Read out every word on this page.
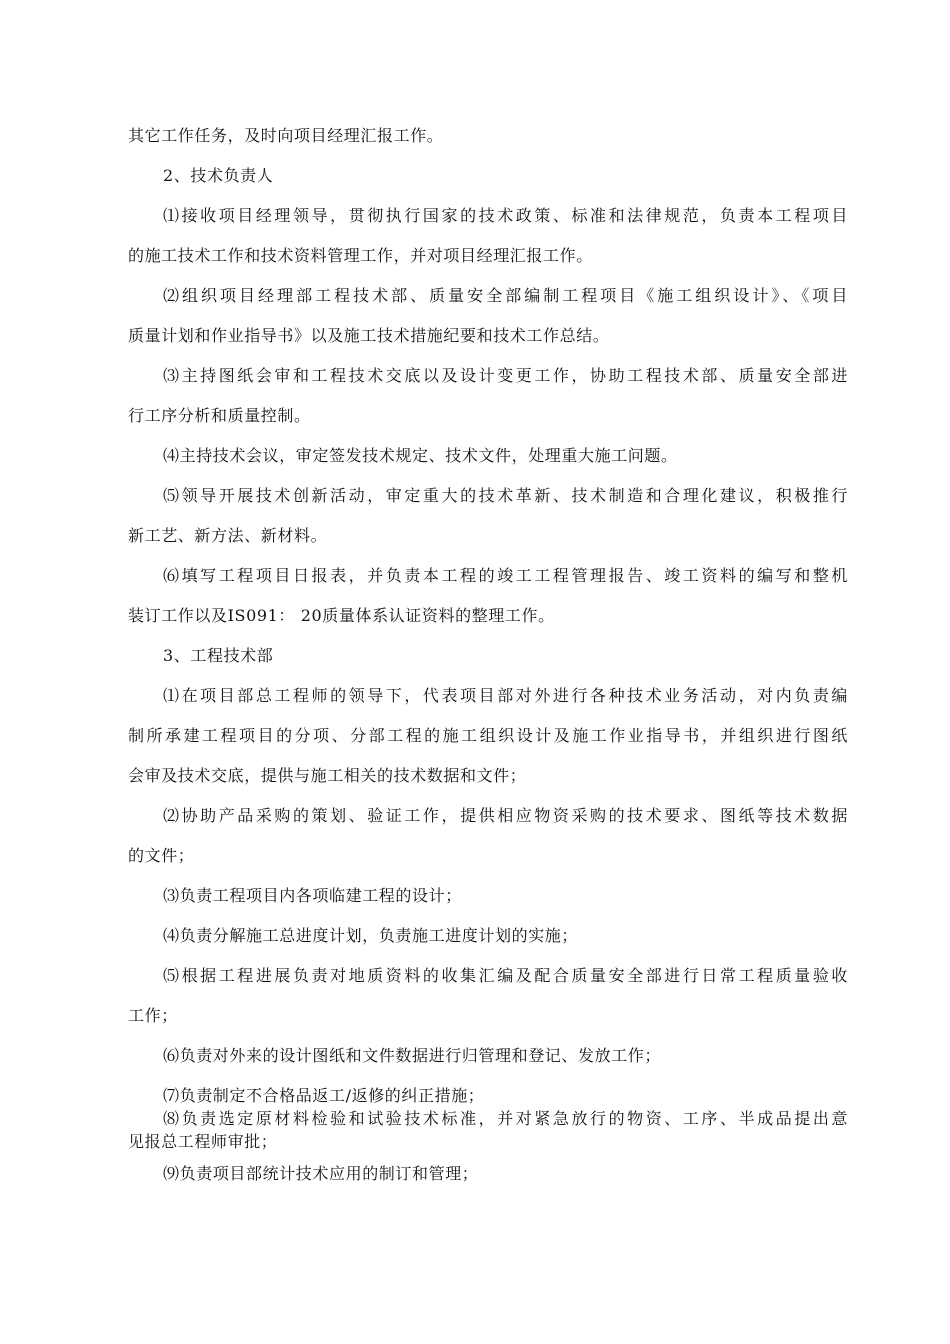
其它工作任务，及时向项目经理汇报工作。
2、技术负责人
⑴接收项目经理领导，贯彻执行国家的技术政策、标准和法律规范，负责本工程项目
的施工技术工作和技术资料管理工作，并对项目经理汇报工作。
⑵组织项目经理部工程技术部、质量安全部编制工程项目《施工组织设计》、《项目
质量计划和作业指导书》以及施工技术措施纪要和技术工作总结。
⑶主持图纸会审和工程技术交底以及设计变更工作，协助工程技术部、质量安全部进
行工序分析和质量控制。
⑷主持技术会议，审定签发技术规定、技术文件，处理重大施工问题。
⑸领导开展技术创新活动，审定重大的技术革新、技术制造和合理化建议，积极推行
新工艺、新方法、新材料。
⑹填写工程项目日报表，并负责本工程的竣工工程管理报告、竣工资料的编写和整机
装订工作以及IS091： 20质量体系认证资料的整理工作。
3、工程技术部
⑴在项目部总工程师的领导下，代表项目部对外进行各种技术业务活动，对内负责编
制所承建工程项目的分项、分部工程的施工组织设计及施工作业指导书，并组织进行图纸
会审及技术交底，提供与施工相关的技术数据和文件；
⑵协助产品采购的策划、验证工作，提供相应物资采购的技术要求、图纸等技术数据
的文件；
⑶负责工程项目内各项临建工程的设计；
⑷负责分解施工总进度计划，负责施工进度计划的实施；
⑸根据工程进展负责对地质资料的收集汇编及配合质量安全部进行日常工程质量验收
工作；
⑹负责对外来的设计图纸和文件数据进行归管理和登记、发放工作；
⑺负责制定不合格品返工/返修的纠正措施；
⑻负责选定原材料检验和试验技术标准，并对紧急放行的物资、工序、半成品提出意
见报总工程师审批；
⑼负责项目部统计技术应用的制订和管理；
